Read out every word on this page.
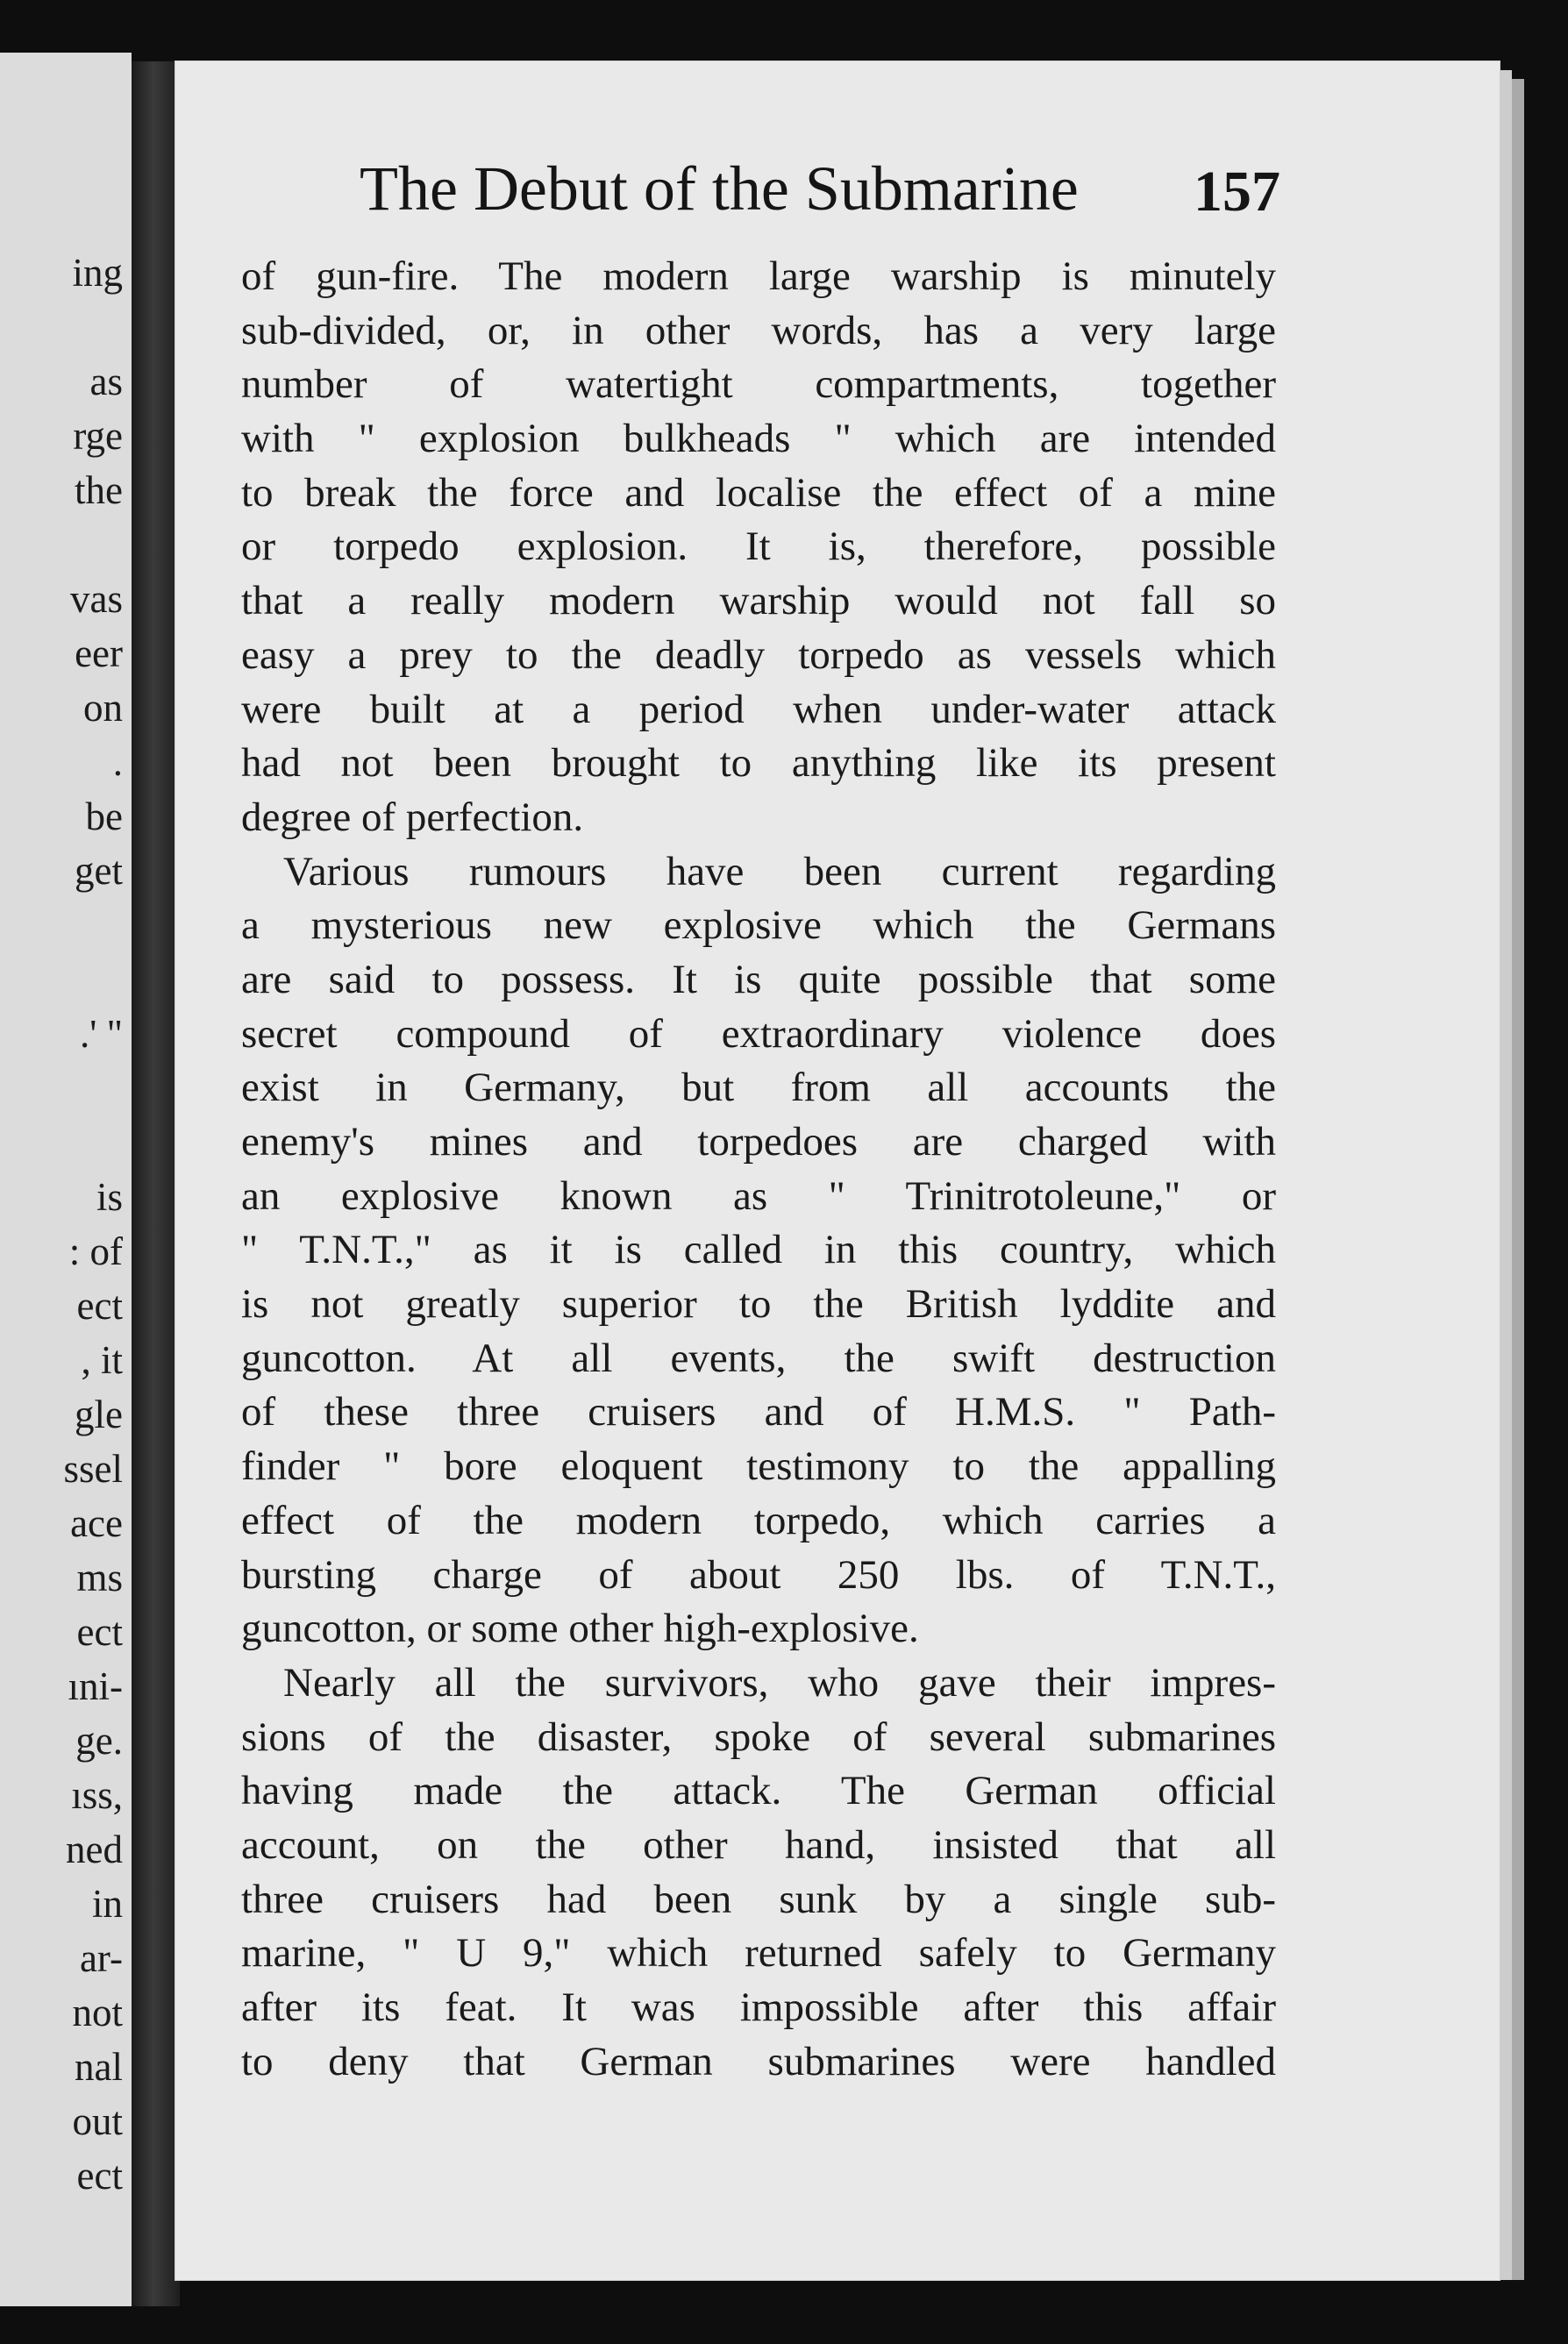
ing
as
rge
the
vas
eer
on
.
be
get
.' "
is
: of
ect
, it
gle
ssel
ace
ms
ect
ıni-
ge.
ıss,
ned
in
ar-
not
nal
out
ect
The Debut of the Submarine 157
of gun-fire. The modern large warship is minutely
sub-divided, or, in other words, has a very large
number of watertight compartments, together
with " explosion bulkheads " which are intended
to break the force and localise the effect of a mine
or torpedo explosion. It is, therefore, possible
that a really modern warship would not fall so
easy a prey to the deadly torpedo as vessels which
were built at a period when under-water attack
had not been brought to anything like its present
degree of perfection.
Various rumours have been current regarding
a mysterious new explosive which the Germans
are said to possess. It is quite possible that some
secret compound of extraordinary violence does
exist in Germany, but from all accounts the
enemy's mines and torpedoes are charged with
an explosive known as " Trinitrotoleune," or
" T.N.T.," as it is called in this country, which
is not greatly superior to the British lyddite and
guncotton. At all events, the swift destruction
of these three cruisers and of H.M.S. " Path-
finder " bore eloquent testimony to the appalling
effect of the modern torpedo, which carries a
bursting charge of about 250 lbs. of T.N.T.,
guncotton, or some other high-explosive.
Nearly all the survivors, who gave their impres-
sions of the disaster, spoke of several submarines
having made the attack. The German official
account, on the other hand, insisted that all
three cruisers had been sunk by a single sub-
marine, " U 9," which returned safely to Germany
after its feat. It was impossible after this affair
to deny that German submarines were handled
